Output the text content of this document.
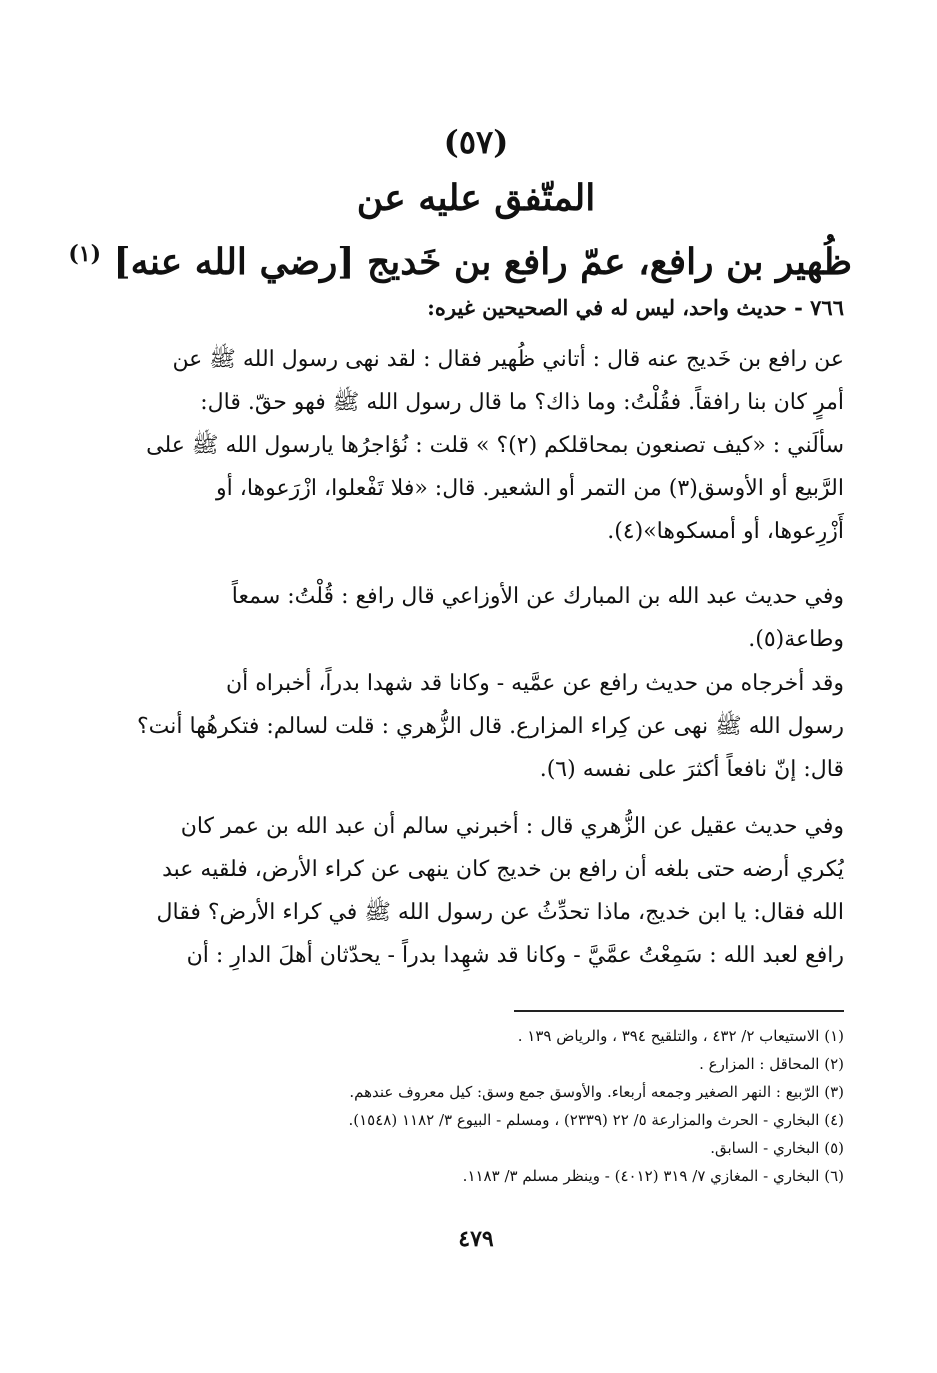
(٥٧)
المتّفق عليه عن
ظُهير بن رافع، عمّ رافع بن خَديج [رضي الله عنه] $^{(١)}$
٧٦٦ - حديث واحد، ليس له في الصحيحين غيره:
عن رافع بن خَديج عنه قال : أتاني ظُهير فقال : لقد نهى رسول الله ﷺ عن
أمرٍ كان بنا رافقاً. فقُلْتُ: وما ذاك؟ ما قال رسول الله ﷺ فهو حقّ. قال:
سألَني : «كيف تصنعون بمحاقلكم (٢)؟ » قلت : نُؤاجرُها يارسول الله ﷺ على
الرَّبيع أو الأوسق(٣) من التمر أو الشعير. قال: «فلا تَفْعلوا، ازْرَعوها، أو
أَزْرِعوها، أو أمسكوها»(٤).
وفي حديث عبد الله بن المبارك عن الأوزاعي قال رافع : قُلْتُ: سمعاً
وطاعة(٥).
وقد أخرجاه من حديث رافع عن عمَّيه - وكانا قد شهدا بدراً، أخبراه أن
رسول الله ﷺ نهى عن كِراء المزارع. قال الزُّهري : قلت لسالم: فتكرهُها أنت؟
قال: إنّ نافعاً أكثرَ على نفسه (٦).
وفي حديث عقيل عن الزُّهري قال : أخبرني سالم أن عبد الله بن عمر كان
يُكري أرضه حتى بلغه أن رافع بن خديج كان ينهى عن كراء الأرض، فلقيه عبد
الله فقال: يا ابن خديج، ماذا تحدِّثُ عن رسول الله ﷺ في كراء الأرض؟ فقال
رافع لعبد الله : سَمِعْتُ عمَّيَّ - وكانا قد شهِدا بدراً - يحدّثان أهلَ الدارِ : أن
(١) الاستيعاب ٢/ ٤٣٢ ، والتلقيح ٣٩٤ ، والرياض ١٣٩ .
(٢) المحاقل : المزارع .
(٣) الرّبيع : النهر الصغير وجمعه أربعاء. والأوسق جمع وسق: كيل معروف عندهم.
(٤) البخاري - الحرث والمزارعة ٥/ ٢٢ (٢٣٣٩) ، ومسلم - البيوع ٣/ ١١٨٢ (١٥٤٨).
(٥) البخاري - السابق.
(٦) البخاري - المغازي ٧/ ٣١٩ (٤٠١٢) - وينظر مسلم ٣/ ١١٨٣.
٤٧٩
